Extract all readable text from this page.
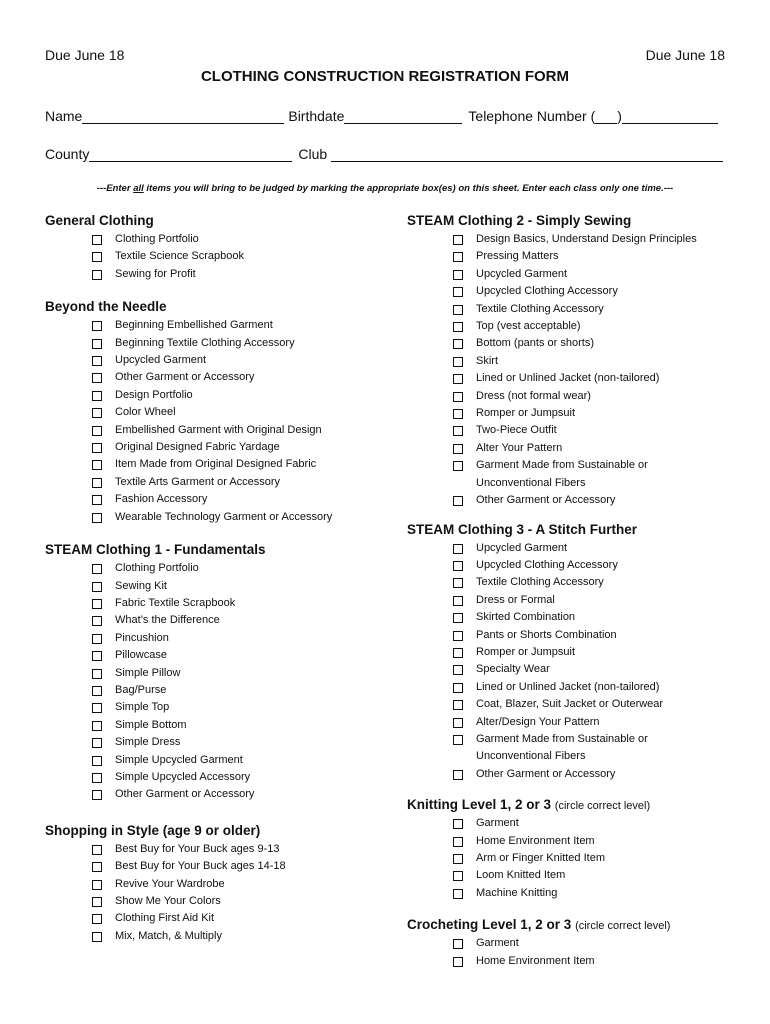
Due June 18	Due June 18
CLOTHING CONSTRUCTION REGISTRATION FORM
Name	Birthdate	Telephone Number ( )
County	Club
---Enter all items you will bring to be judged by marking the appropriate box(es) on this sheet. Enter each class only one time.---
General Clothing
Clothing Portfolio
Textile Science Scrapbook
Sewing for Profit
Beyond the Needle
Beginning Embellished Garment
Beginning Textile Clothing Accessory
Upcycled Garment
Other Garment or Accessory
Design Portfolio
Color Wheel
Embellished Garment with Original Design
Original Designed Fabric Yardage
Item Made from Original Designed Fabric
Textile Arts Garment or Accessory
Fashion Accessory
Wearable Technology Garment or Accessory
STEAM Clothing 1 - Fundamentals
Clothing Portfolio
Sewing Kit
Fabric Textile Scrapbook
What’s the Difference
Pincushion
Pillowcase
Simple Pillow
Bag/Purse
Simple Top
Simple Bottom
Simple Dress
Simple Upcycled Garment
Simple Upcycled Accessory
Other Garment or Accessory
Shopping in Style (age 9 or older)
Best Buy for Your Buck ages 9-13
Best Buy for Your Buck ages 14-18
Revive Your Wardrobe
Show Me Your Colors
Clothing First Aid Kit
Mix, Match, & Multiply
STEAM Clothing 2 - Simply Sewing
Design Basics, Understand Design Principles
Pressing Matters
Upcycled Garment
Upcycled Clothing Accessory
Textile Clothing Accessory
Top (vest acceptable)
Bottom (pants or shorts)
Skirt
Lined or Unlined Jacket (non-tailored)
Dress (not formal wear)
Romper or Jumpsuit
Two-Piece Outfit
Alter Your Pattern
Garment Made from Sustainable or
Unconventional Fibers
Other Garment or Accessory
STEAM Clothing 3 - A Stitch Further
Upcycled Garment
Upcycled Clothing Accessory
Textile Clothing Accessory
Dress or Formal
Skirted Combination
Pants or Shorts Combination
Romper or Jumpsuit
Specialty Wear
Lined or Unlined Jacket (non-tailored)
Coat, Blazer, Suit Jacket or Outerwear
Alter/Design Your Pattern
Garment Made from Sustainable or
Unconventional Fibers
Other Garment or Accessory
Knitting Level 1, 2 or 3 (circle correct level)
Garment
Home Environment Item
Arm or Finger Knitted Item
Loom Knitted Item
Machine Knitting
Crocheting Level 1, 2 or 3 (circle correct level)
Garment
Home Environment Item
